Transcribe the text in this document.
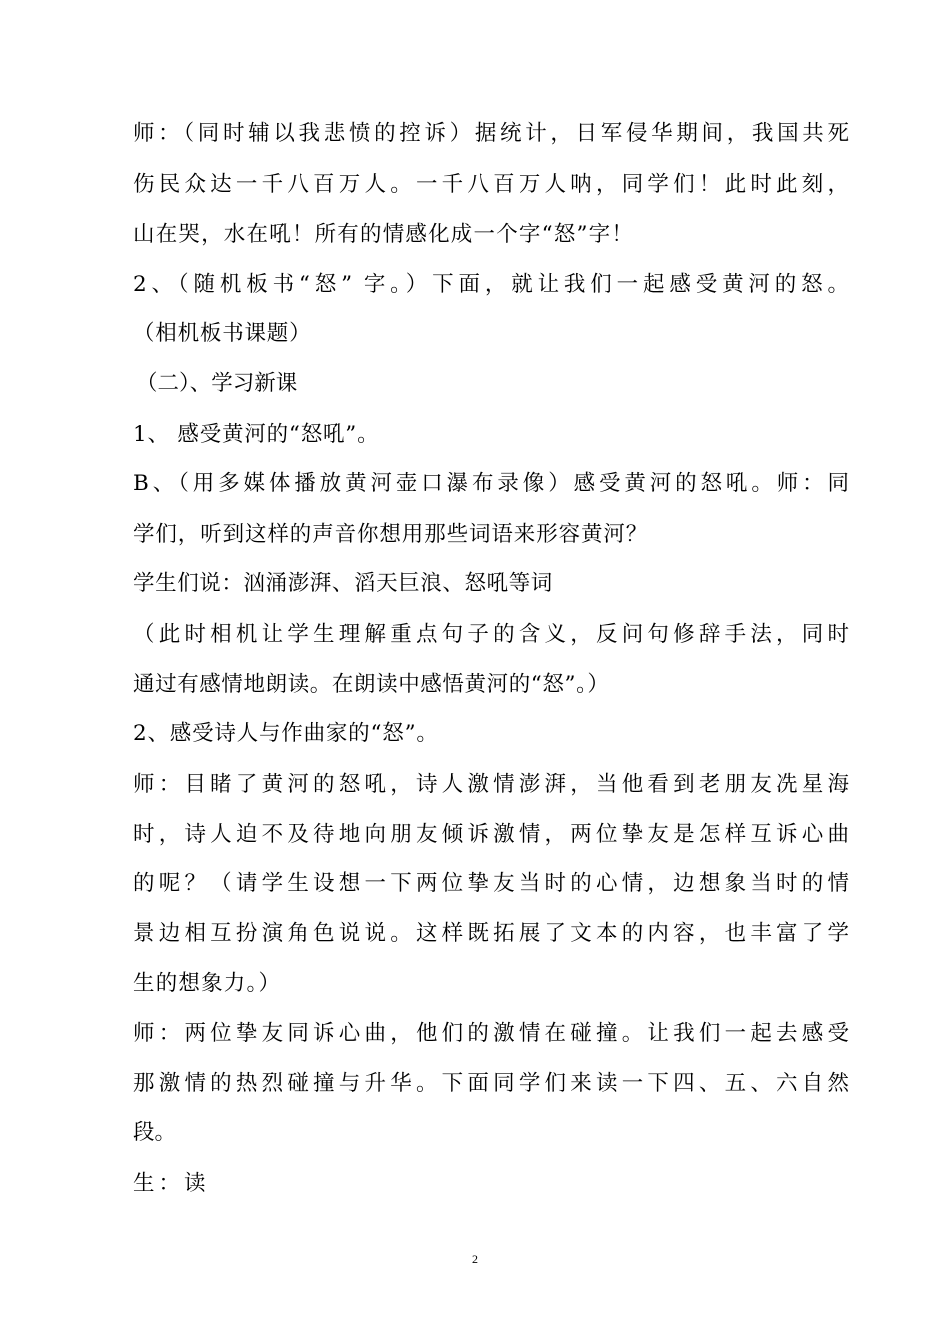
师：（同时辅以我悲愤的控诉）据统计，日军侵华期间，我国共死
伤民众达一千八百万人。一千八百万人呐，同学们！此时此刻，
山在哭，水在吼！所有的情感化成一个字“怒”字！
2、（随机板书“怒” 字。）下面，就让我们一起感受黄河的怒。
（相机板书课题）
（二）、学习新课
1、 感受黄河的“怒吼”。
B、（用多媒体播放黄河壶口瀑布录像）感受黄河的怒吼。师：同
学们，听到这样的声音你想用那些词语来形容黄河？
学生们说：汹涌澎湃、滔天巨浪、怒吼等词
（此时相机让学生理解重点句子的含义，反问句修辞手法，同时
通过有感情地朗读。在朗读中感悟黄河的“怒”。）
2、感受诗人与作曲家的“怒”。
师：目睹了黄河的怒吼，诗人激情澎湃，当他看到老朋友冼星海
时，诗人迫不及待地向朋友倾诉激情，两位挚友是怎样互诉心曲
的呢？（请学生设想一下两位挚友当时的心情，边想象当时的情
景边相互扮演角色说说。这样既拓展了文本的内容，也丰富了学
生的想象力。）
师：两位挚友同诉心曲，他们的激情在碰撞。让我们一起去感受
那激情的热烈碰撞与升华。下面同学们来读一下四、五、六自然
段。
生：读
2
